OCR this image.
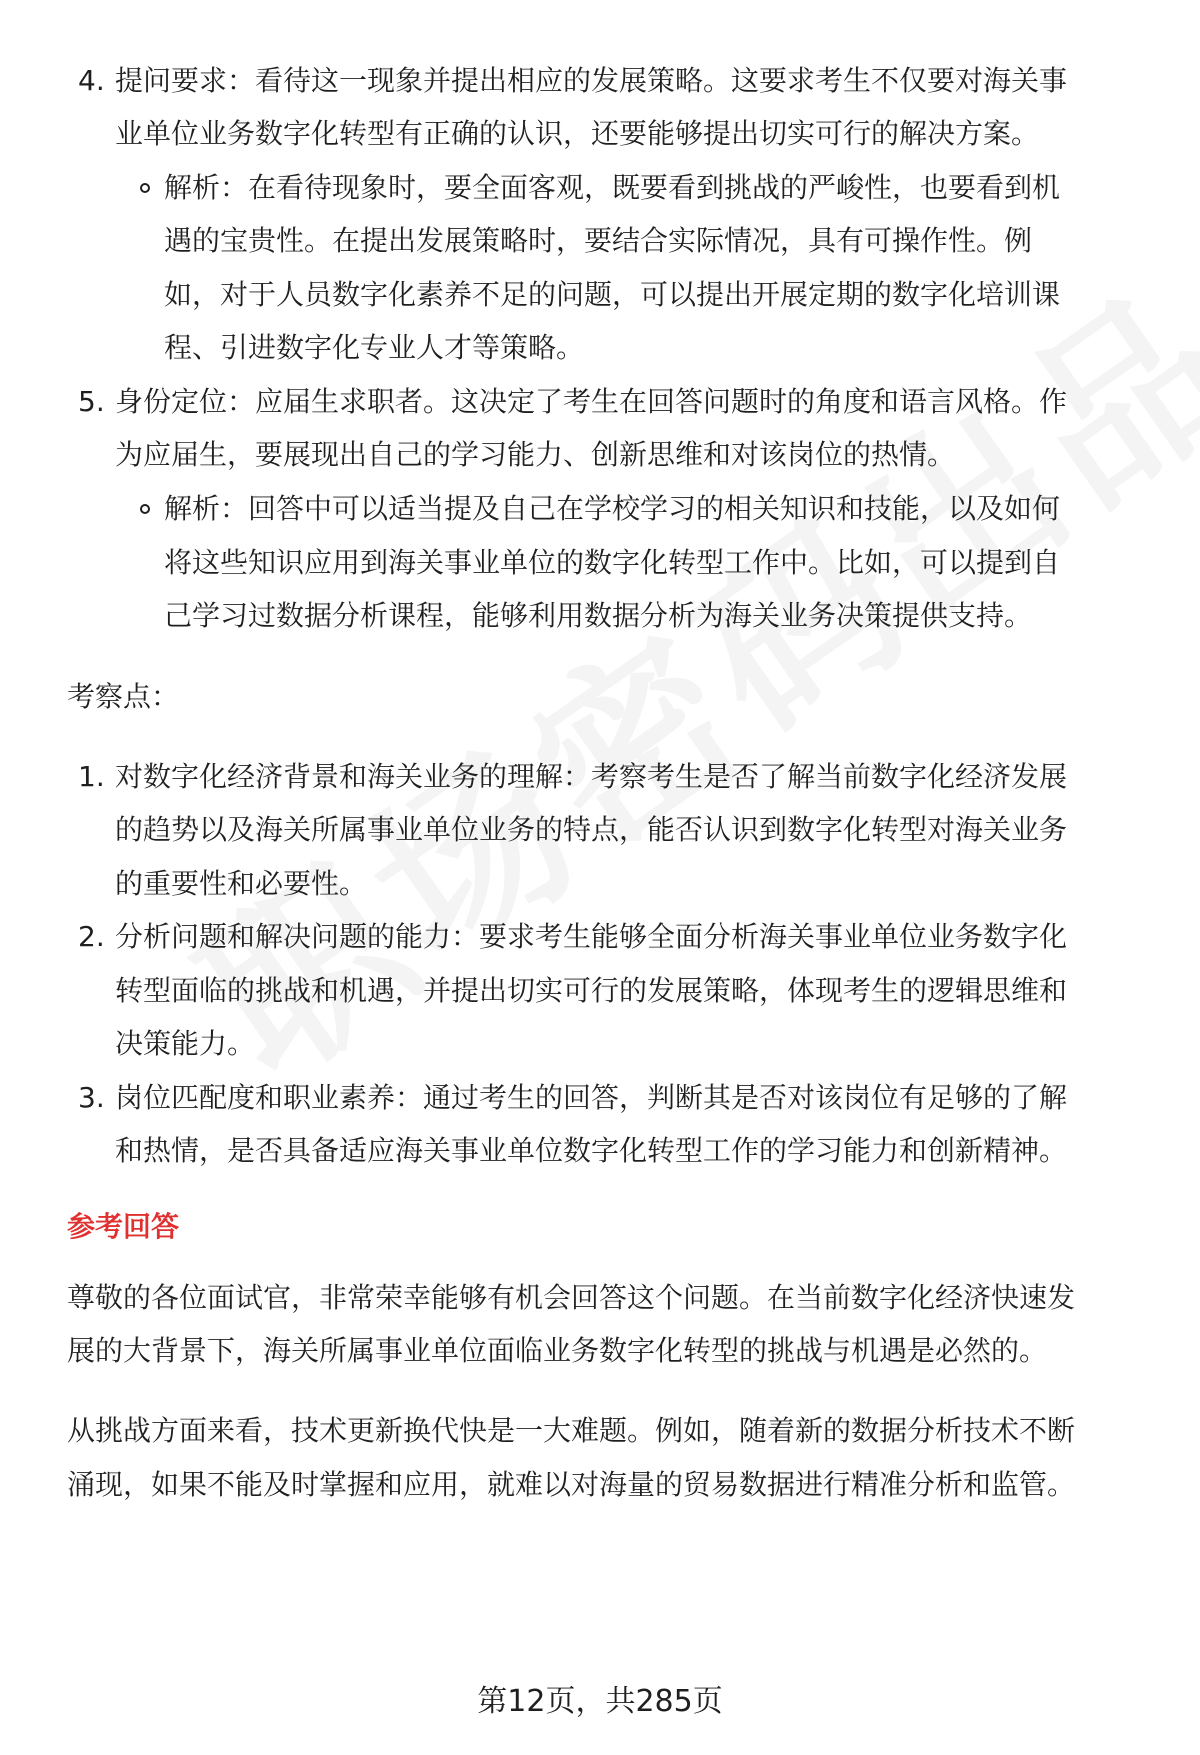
4. 提问要求：看待这一现象并提出相应的发展策略。这要求考生不仅要对海关事
业单位业务数字化转型有正确的认识，还要能够提出切实可行的解决方案。
解析：在看待现象时，要全面客观，既要看到挑战的严峻性，也要看到机
遇的宝贵性。在提出发展策略时，要结合实际情况，具有可操作性。例
如，对于人员数字化素养不足的问题，可以提出开展定期的数字化培训课
程、引进数字化专业人才等策略。
5. 身份定位：应届生求职者。这决定了考生在回答问题时的角度和语言风格。作
为应届生，要展现出自己的学习能力、创新思维和对该岗位的热情。
解析：回答中可以适当提及自己在学校学习的相关知识和技能，以及如何
将这些知识应用到海关事业单位的数字化转型工作中。比如，可以提到自
己学习过数据分析课程，能够利用数据分析为海关业务决策提供支持。
考察点：
1. 对数字化经济背景和海关业务的理解：考察考生是否了解当前数字化经济发展
的趋势以及海关所属事业单位业务的特点，能否认识到数字化转型对海关业务
的重要性和必要性。
2. 分析问题和解决问题的能力：要求考生能够全面分析海关事业单位业务数字化
转型面临的挑战和机遇，并提出切实可行的发展策略，体现考生的逻辑思维和
决策能力。
3. 岗位匹配度和职业素养：通过考生的回答，判断其是否对该岗位有足够的了解
和热情，是否具备适应海关事业单位数字化转型工作的学习能力和创新精神。
参考回答
尊敬的各位面试官，非常荣幸能够有机会回答这个问题。在当前数字化经济快速发
展的大背景下，海关所属事业单位面临业务数字化转型的挑战与机遇是必然的。
从挑战方面来看，技术更新换代快是一大难题。例如，随着新的数据分析技术不断
涌现，如果不能及时掌握和应用，就难以对海量的贸易数据进行精准分析和监管。
第12页，共285页
